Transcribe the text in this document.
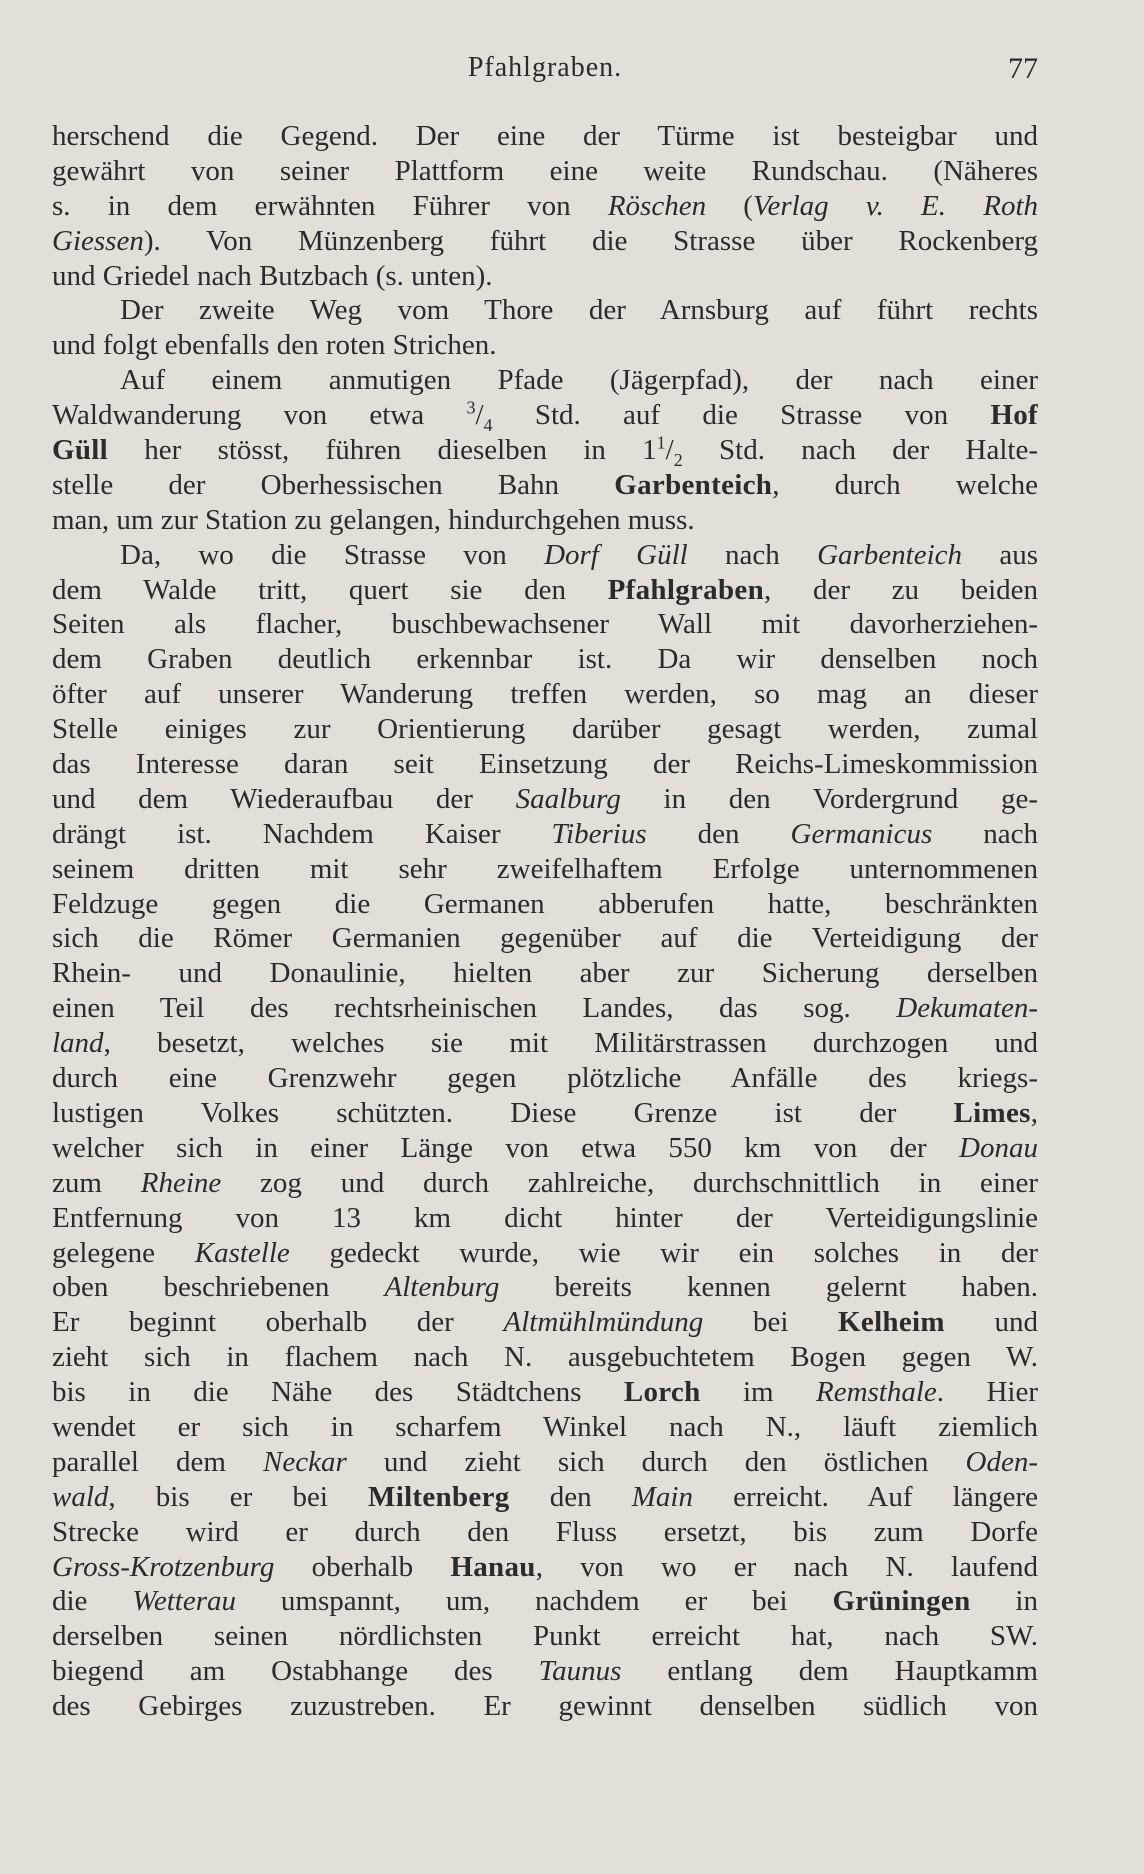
Pfahlgraben.	77
herschend die Gegend. Der eine der Türme ist besteigbar und
gewährt von seiner Plattform eine weite Rundschau. (Näheres
s. in dem erwähnten Führer von Röschen (Verlag v. E. Roth
Giessen). Von Münzenberg führt die Strasse über Rockenberg
und Griedel nach Butzbach (s. unten).
Der zweite Weg vom Thore der Arnsburg auf führt rechts
und folgt ebenfalls den roten Strichen.
Auf einem anmutigen Pfade (Jägerpfad), der nach einer
Waldwanderung von etwa $^3/_4$ Std. auf die Strasse von Hof
Güll her stösst, führen dieselben in $1^1/_2$ Std. nach der Halte-
stelle der Oberhessischen Bahn Garbenteich, durch welche
man, um zur Station zu gelangen, hindurchgehen muss.
Da, wo die Strasse von Dorf Güll nach Garbenteich aus
dem Walde tritt, quert sie den Pfahlgraben, der zu beiden
Seiten als flacher, buschbewachsener Wall mit davorherziehen-
dem Graben deutlich erkennbar ist. Da wir denselben noch
öfter auf unserer Wanderung treffen werden, so mag an dieser
Stelle einiges zur Orientierung darüber gesagt werden, zumal
das Interesse daran seit Einsetzung der Reichs-Limeskommission
und dem Wiederaufbau der Saalburg in den Vordergrund ge-
drängt ist. Nachdem Kaiser Tiberius den Germanicus nach
seinem dritten mit sehr zweifelhaftem Erfolge unternommenen
Feldzuge gegen die Germanen abberufen hatte, beschränkten
sich die Römer Germanien gegenüber auf die Verteidigung der
Rhein- und Donaulinie, hielten aber zur Sicherung derselben
einen Teil des rechtsrheinischen Landes, das sog. Dekumaten-
land, besetzt, welches sie mit Militärstrassen durchzogen und
durch eine Grenzwehr gegen plötzliche Anfälle des kriegs-
lustigen Volkes schützten. Diese Grenze ist der Limes,
welcher sich in einer Länge von etwa 550 km von der Donau
zum Rheine zog und durch zahlreiche, durchschnittlich in einer
Entfernung von 13 km dicht hinter der Verteidigungslinie
gelegene Kastelle gedeckt wurde, wie wir ein solches in der
oben beschriebenen Altenburg bereits kennen gelernt haben.
Er beginnt oberhalb der Altmühlmündung bei Kelheim und
zieht sich in flachem nach N. ausgebuchtetem Bogen gegen W.
bis in die Nähe des Städtchens Lorch im Remsthale. Hier
wendet er sich in scharfem Winkel nach N., läuft ziemlich
parallel dem Neckar und zieht sich durch den östlichen Oden-
wald, bis er bei Miltenberg den Main erreicht. Auf längere
Strecke wird er durch den Fluss ersetzt, bis zum Dorfe
Gross-Krotzenburg oberhalb Hanau, von wo er nach N. laufend
die Wetterau umspannt, um, nachdem er bei Grüningen in
derselben seinen nördlichsten Punkt erreicht hat, nach SW.
biegend am Ostabhange des Taunus entlang dem Hauptkamm
des Gebirges zuzustreben. Er gewinnt denselben südlich von
